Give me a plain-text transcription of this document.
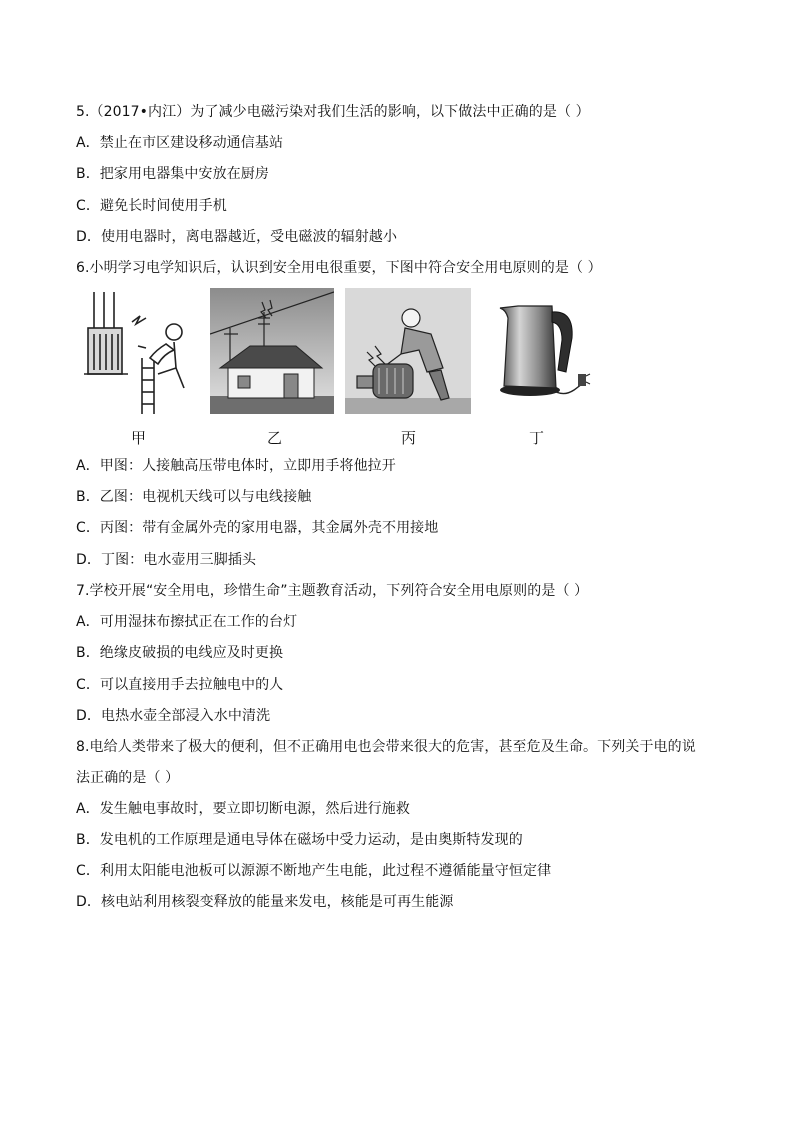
5.（2017•内江）为了减少电磁污染对我们生活的影响，以下做法中正确的是（ ）
A．禁止在市区建设移动通信基站
B．把家用电器集中安放在厨房
C．避免长时间使用手机
D．使用电器时，离电器越近，受电磁波的辐射越小
6.小明学习电学知识后，认识到安全用电很重要，下图中符合安全用电原则的是（ ）
甲	乙	丙	丁
A．甲图：人接触高压带电体时，立即用手将他拉开
B．乙图：电视机天线可以与电线接触
C．丙图：带有金属外壳的家用电器，其金属外壳不用接地
D．丁图：电水壶用三脚插头
7.学校开展“安全用电，珍惜生命”主题教育活动，下列符合安全用电原则的是（ ）
A．可用湿抹布擦拭正在工作的台灯
B．绝缘皮破损的电线应及时更换
C．可以直接用手去拉触电中的人
D．电热水壶全部浸入水中清洗
8.电给人类带来了极大的便利，但不正确用电也会带来很大的危害，甚至危及生命。下列关于电的说
法正确的是（ ）
A．发生触电事故时，要立即切断电源，然后进行施救
B．发电机的工作原理是通电导体在磁场中受力运动，是由奥斯特发现的
C．利用太阳能电池板可以源源不断地产生电能，此过程不遵循能量守恒定律
D．核电站利用核裂变释放的能量来发电，核能是可再生能源
